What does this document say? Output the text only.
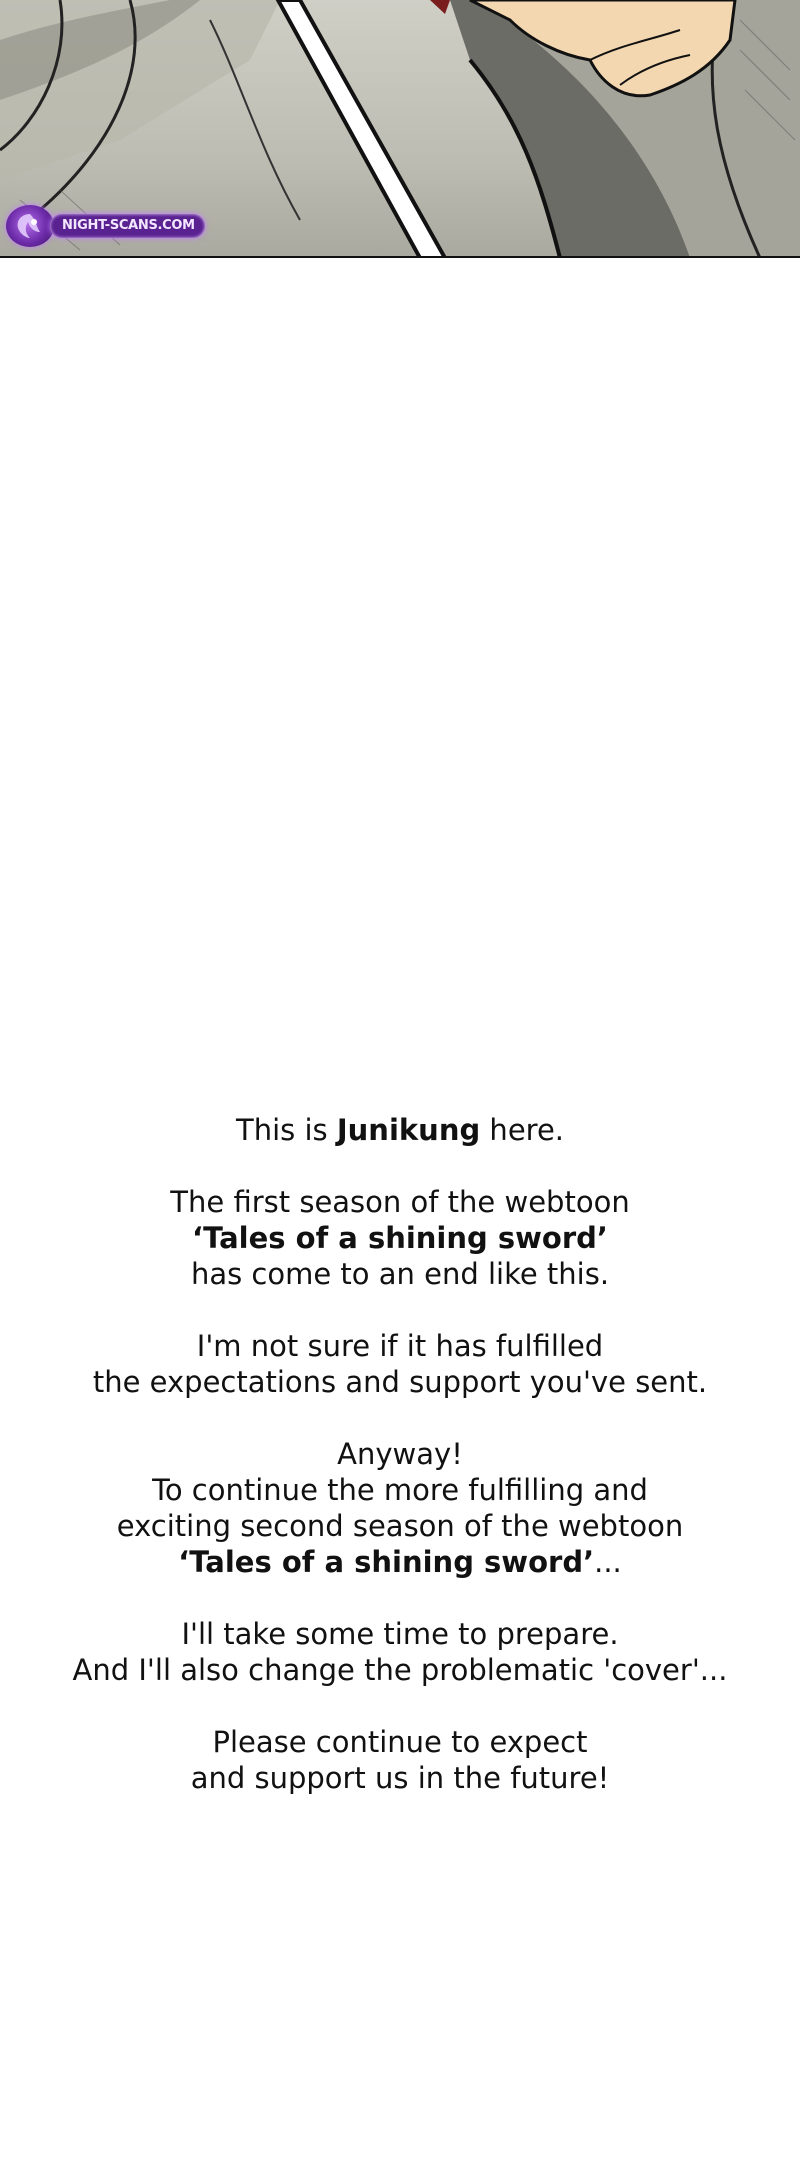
NIGHT-SCANS.COM

This is Junikung here.

The first season of the webtoon
‘Tales of a shining sword’
has come to an end like this.

I'm not sure if it has fulfilled
the expectations and support you've sent.

Anyway!
To continue the more fulfilling and
exciting second season of the webtoon
‘Tales of a shining sword’...

I'll take some time to prepare.
And I'll also change the problematic 'cover'...

Please continue to expect
and support us in the future!
